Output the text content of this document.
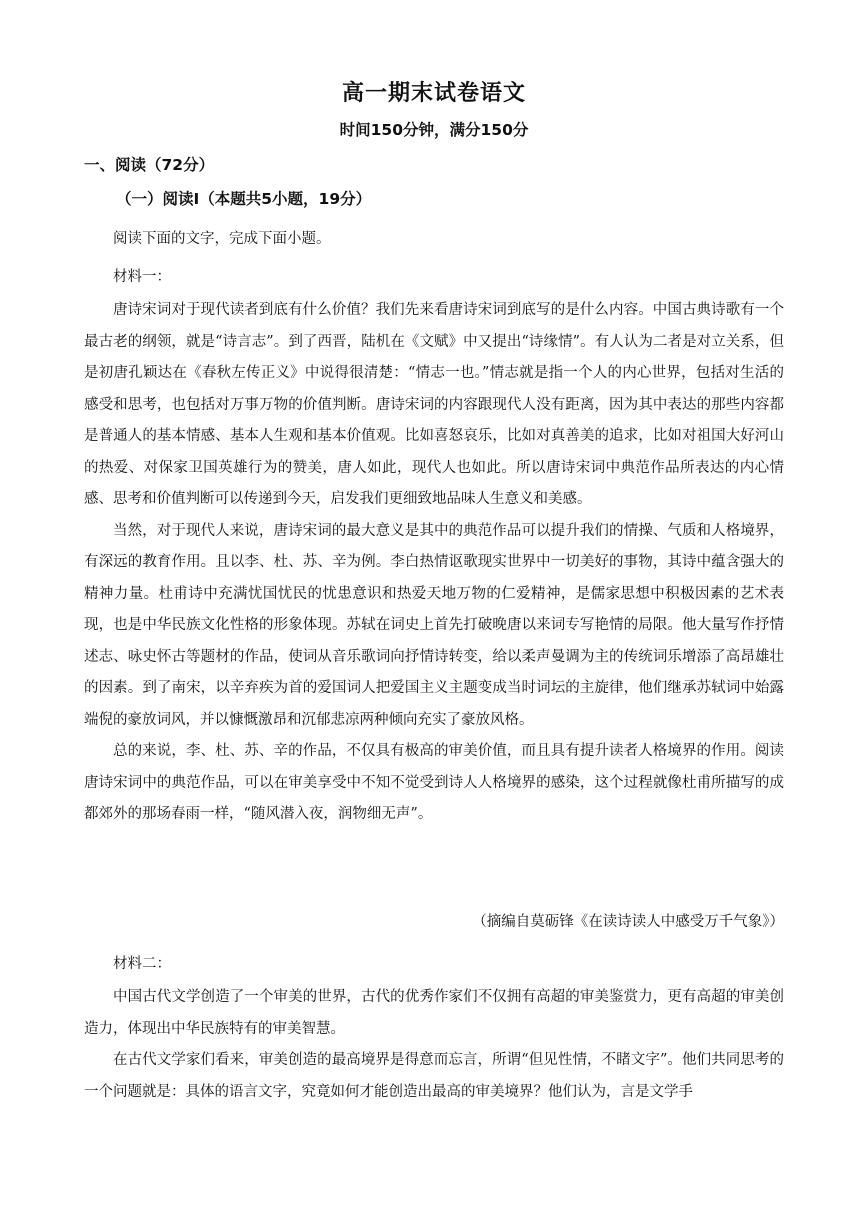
高一期末试卷语文
时间150分钟，满分150分
一、阅读（72分）
（一）阅读Ⅰ（本题共5小题，19分）

阅读下面的文字，完成下面小题。

材料一：

唐诗宋词对于现代读者到底有什么价值？我们先来看唐诗宋词到底写的是什么内容。中国古典诗歌有一个最古老的纲领，就是“诗言志”。到了西晋，陆机在《文赋》中又提出“诗缘情”。有人认为二者是对立关系，但是初唐孔颖达在《春秋左传正义》中说得很清楚：“情志一也。”情志就是指一个人的内心世界，包括对生活的感受和思考，也包括对万事万物的价值判断。唐诗宋词的内容跟现代人没有距离，因为其中表达的那些内容都是普通人的基本情感、基本人生观和基本价值观。比如喜怒哀乐，比如对真善美的追求，比如对祖国大好河山的热爱、对保家卫国英雄行为的赞美，唐人如此，现代人也如此。所以唐诗宋词中典范作品所表达的内心情感、思考和价值判断可以传递到今天，启发我们更细致地品味人生意义和美感。

当然，对于现代人来说，唐诗宋词的最大意义是其中的典范作品可以提升我们的情操、气质和人格境界，有深远的教育作用。且以李、杜、苏、辛为例。李白热情讴歌现实世界中一切美好的事物，其诗中蕴含强大的精神力量。杜甫诗中充满忧国忧民的忧患意识和热爱天地万物的仁爱精神，是儒家思想中积极因素的艺术表现，也是中华民族文化性格的形象体现。苏轼在词史上首先打破晚唐以来词专写艳情的局限。他大量写作抒情述志、咏史怀古等题材的作品，使词从音乐歌词向抒情诗转变，给以柔声曼调为主的传统词乐增添了高昂雄壮的因素。到了南宋，以辛弃疾为首的爱国词人把爱国主义主题变成当时词坛的主旋律，他们继承苏轼词中始露端倪的豪放词风，并以慷慨激昂和沉郁悲凉两种倾向充实了豪放风格。

总的来说，李、杜、苏、辛的作品，不仅具有极高的审美价值，而且具有提升读者人格境界的作用。阅读唐诗宋词中的典范作品，可以在审美享受中不知不觉受到诗人人格境界的感染，这个过程就像杜甫所描写的成都郊外的那场春雨一样，“随风潜入夜，润物细无声”。

（摘编自莫砺锋《在读诗读人中感受万千气象》）

材料二：

中国古代文学创造了一个审美的世界，古代的优秀作家们不仅拥有高超的审美鉴赏力，更有高超的审美创造力，体现出中华民族特有的审美智慧。

在古代文学家们看来，审美创造的最高境界是得意而忘言，所谓“但见性情，不睹文字”。他们共同思考的一个问题就是：具体的语言文字，究竟如何才能创造出最高的审美境界？他们认为，言是文学手
